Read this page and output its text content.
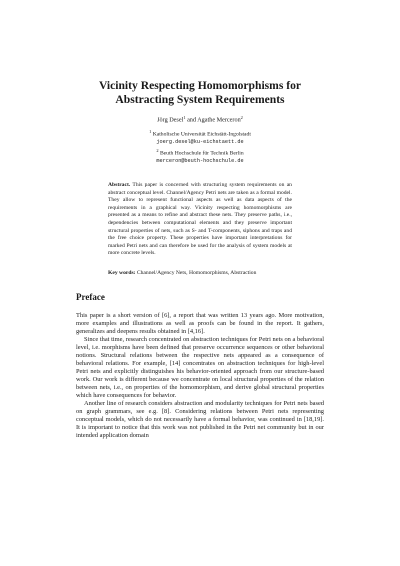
Vicinity Respecting Homomorphisms for
Abstracting System Requirements
Jörg Desel$^1$ and Agathe Merceron$^2$
$^1$ Katholische Universität Eichstätt-Ingolstadt
joerg.desel@ku-eichstaett.de
$^2$ Beuth Hochschule für Technik Berlin
merceron@beuth-hochschule.de
Abstract. This paper is concerned with structuring system requirements on an abstract conceptual level. Channel/Agency Petri nets are taken as a formal model. They allow to represent functional aspects as well as data aspects of the requirements in a graphical way. Vicinity respecting homomorphisms are presented as a means to refine and abstract these nets. They preserve paths, i.e., dependencies between computational elements and they preserve important structural properties of nets, such as S- and T-components, siphons and traps and the free choice property. These properties have important interpretations for marked Petri nets and can therefore be used for the analysis of system models at more concrete levels.
Key words: Channel/Agency Nets, Homomorphisms, Abstraction
Preface

This paper is a short version of [6], a report that was written 13 years ago. More motivation, more examples and illustrations as well as proofs can be found in the report. It gathers, generalizes and deepens results obtained in [4,16].

Since that time, research concentrated on abstraction techniques for Petri nets on a behavioral level, i.e. morphisms have been defined that preserve occurrence sequences or other behavioral notions. Structural relations between the respective nets appeared as a consequence of behavioral relations. For example, [14] concentrates on abstraction techniques for high-level Petri nets and explicitly distinguishes his behavior-oriented approach from our structure-based work. Our work is different because we concentrate on local structural properties of the relation between nets, i.e., on properties of the homomorphism, and derive global structural properties which have consequences for behavior.

Another line of research considers abstraction and modularity techniques for Petri nets based on graph grammars, see e.g. [8]. Considering relations between Petri nets representing conceptual models, which do not necessarily have a formal behavior, was continued in [18,19]. It is important to notice that this work was not published in the Petri net community but in our intended application domain
